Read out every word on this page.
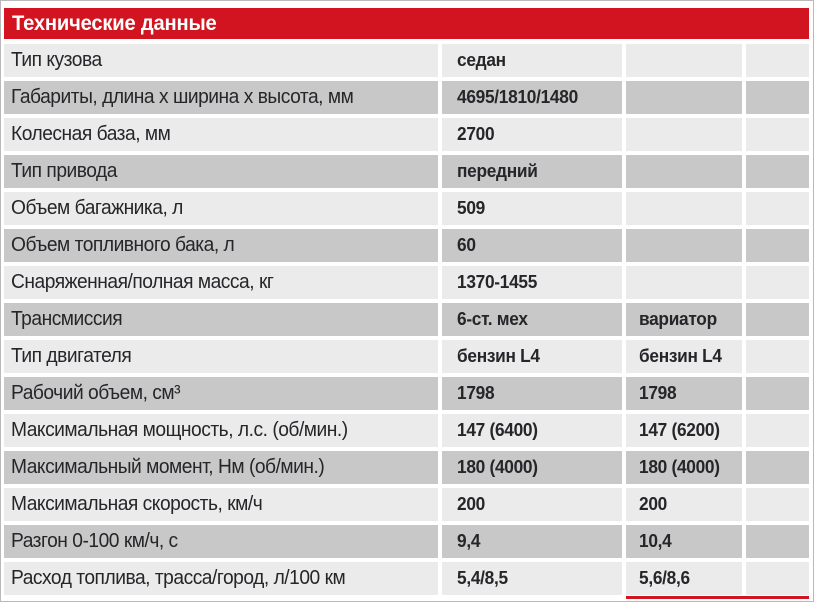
Технические данные
Тип кузова	седан
Габариты, длина х ширина х высота, мм	4695/1810/1480
Колесная база, мм	2700
Тип привода	передний
Объем багажника, л	509
Объем топливного бака, л	60
Снаряженная/полная масса, кг	1370-1455
Трансмиссия	6-ст. мех	вариатор
Тип двигателя	бензин L4	бензин L4
Рабочий объем, см³	1798	1798
Максимальная мощность, л.с. (об/мин.)	147 (6400)	147 (6200)
Максимальный момент, Нм (об/мин.)	180 (4000)	180 (4000)
Максимальная скорость, км/ч	200	200
Разгон 0-100 км/ч, с	9,4	10,4
Расход топлива, трасса/город, л/100 км	5,4/8,5	5,6/8,6
